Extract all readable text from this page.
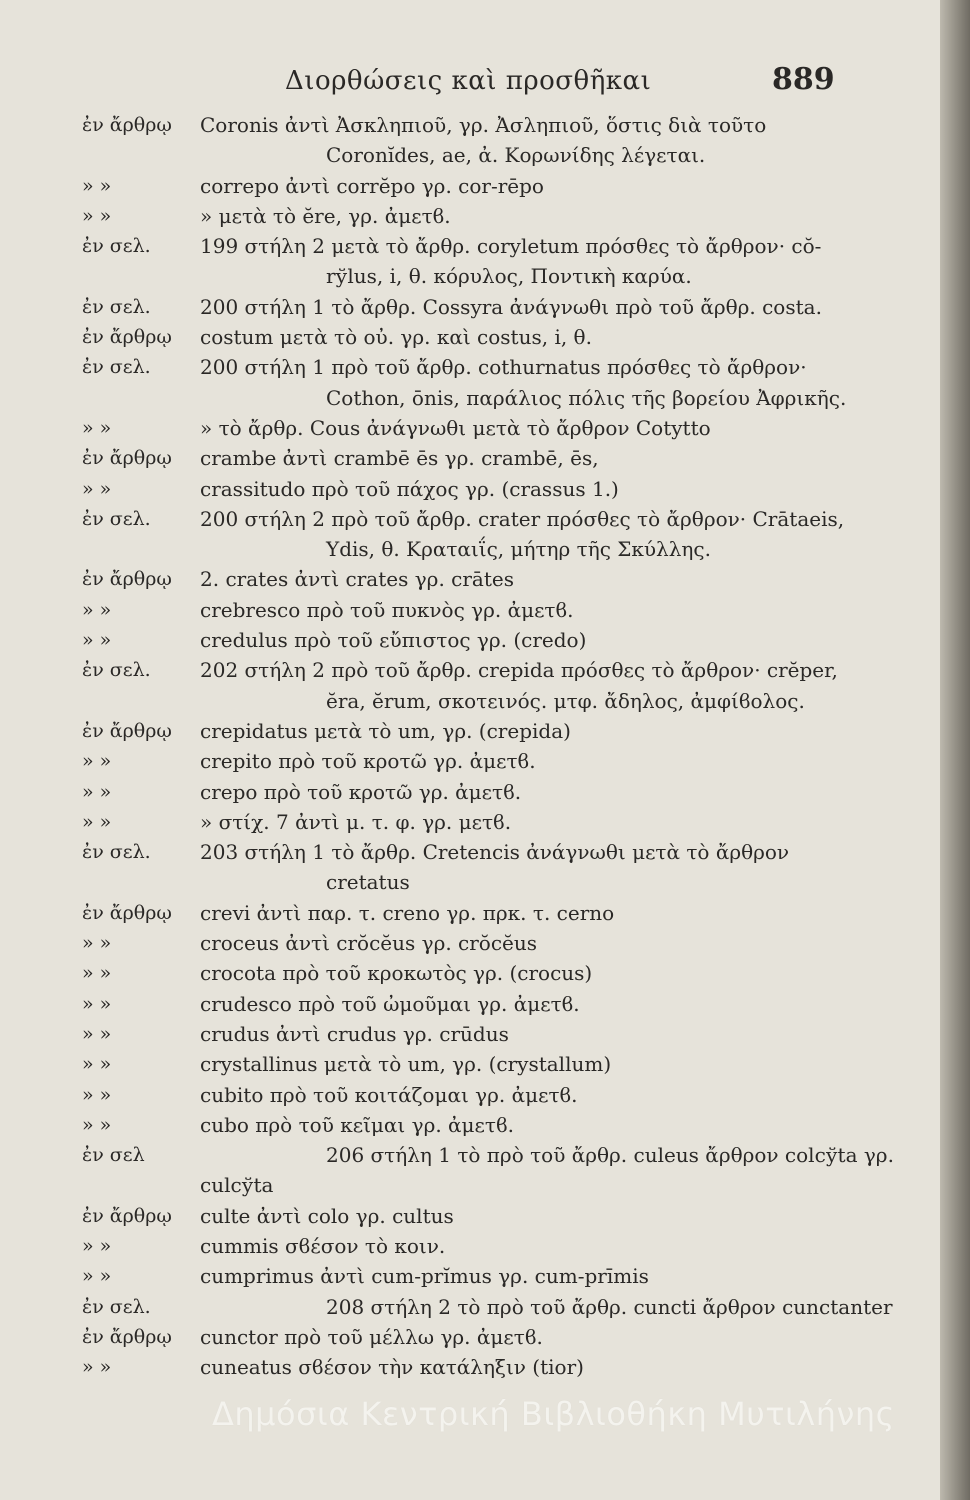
Διορθώσεις καὶ προσθῆκαι	889
ἐν ἄρθρῳ	Coronis ἀντὶ Ἀσκληπιοῦ, γρ. Ἀσληπιοῦ, ὅστις διὰ τοῦτο
Coronĭdes, ae, ἀ. Κορωνίδης λέγεται.
» »	correpo ἀντὶ corrĕpo γρ. cor-rēpo
» »	» μετὰ τὸ ĕre, γρ. ἀμετϐ.
ἐν σελ.	199 στήλη 2 μετὰ τὸ ἄρθρ. coryletum πρόσθες τὸ ἄρθρον· cŏ-
rўlus, i, θ. κόρυλος, Ποντικὴ καρύα.
ἐν σελ.	200 στήλη 1 τὸ ἄρθρ. Cossyra ἀνάγνωθι πρὸ τοῦ ἄρθρ. costa.
ἐν ἄρθρῳ	costum μετὰ τὸ οὐ. γρ. καὶ costus, i, θ.
ἐν σελ.	200 στήλη 1 πρὸ τοῦ ἄρθρ. cothurnatus πρόσθες τὸ ἄρθρον·
Cothon, ōnis, παράλιος πόλις τῆς βορείου Ἀφρικῆς.
» »	» τὸ ἄρθρ. Cous ἀνάγνωθι μετὰ τὸ ἄρθρον Cotytto
ἐν ἄρθρῳ	crambe ἀντὶ crambē ēs γρ. crambē, ēs,
» »	crassitudo πρὸ τοῦ πάχος γρ. (crassus 1.)
ἐν σελ.	200 στήλη 2 πρὸ τοῦ ἄρθρ. crater πρόσθες τὸ ἄρθρον· Crātaeis,
Ydis, θ. Κραταιΐς, μήτηρ τῆς Σκύλλης.
ἐν ἄρθρῳ	2. crates ἀντὶ crates γρ. crātes
» »	crebresco πρὸ τοῦ πυκνὸς γρ. ἀμετϐ.
» »	credulus πρὸ τοῦ εὔπιστος γρ. (credo)
ἐν σελ.	202 στήλη 2 πρὸ τοῦ ἄρθρ. crepida πρόσθες τὸ ἄρθρον· crĕper,
ĕra, ĕrum, σκοτεινός. μτφ. ἄδηλος, ἀμφίϐολος.
ἐν ἄρθρῳ	crepidatus μετὰ τὸ um, γρ. (crepida)
» »	crepito πρὸ τοῦ κροτῶ γρ. ἀμετϐ.
» »	crepo πρὸ τοῦ κροτῶ γρ. ἀμετϐ.
» »	» στίχ. 7 ἀντὶ μ. τ. φ. γρ. μετϐ.
ἐν σελ.	203 στήλη 1 τὸ ἄρθρ. Cretencis ἀνάγνωθι μετὰ τὸ ἄρθρον
cretatus
ἐν ἄρθρῳ	crevi ἀντὶ παρ. τ. creno γρ. πρκ. τ. cerno
» »	croceus ἀντὶ crŏcĕus γρ. crŏcĕus
» »	crocota πρὸ τοῦ κροκωτὸς γρ. (crocus)
» »	crudesco πρὸ τοῦ ὠμοῦμαι γρ. ἀμετϐ.
» »	crudus ἀντὶ crudus γρ. crūdus
» »	crystallinus μετὰ τὸ um, γρ. (crystallum)
» »	cubito πρὸ τοῦ κοιτάζομαι γρ. ἀμετϐ.
» »	cubo πρὸ τοῦ κεῖμαι γρ. ἀμετϐ.
ἐν σελ	206 στήλη 1 τὸ πρὸ τοῦ ἄρθρ. culeus ἄρθρον colcўta γρ.
culcўta
ἐν ἄρθρῳ	culte ἀντὶ colo γρ. cultus
» »	cummis σϐέσον τὸ κοιν.
» »	cumprimus ἀντὶ cum-prĭmus γρ. cum-prīmis
ἐν σελ.	208 στήλη 2 τὸ πρὸ τοῦ ἄρθρ. cuncti ἄρθρον cunctanter
ἐν ἄρθρῳ	cunctor πρὸ τοῦ μέλλω γρ. ἀμετϐ.
» »	cuneatus σϐέσον τὴν κατάληξιν (tior)
Δημόσια Κεντρική Βιβλιοθήκη Μυτιλήνης
